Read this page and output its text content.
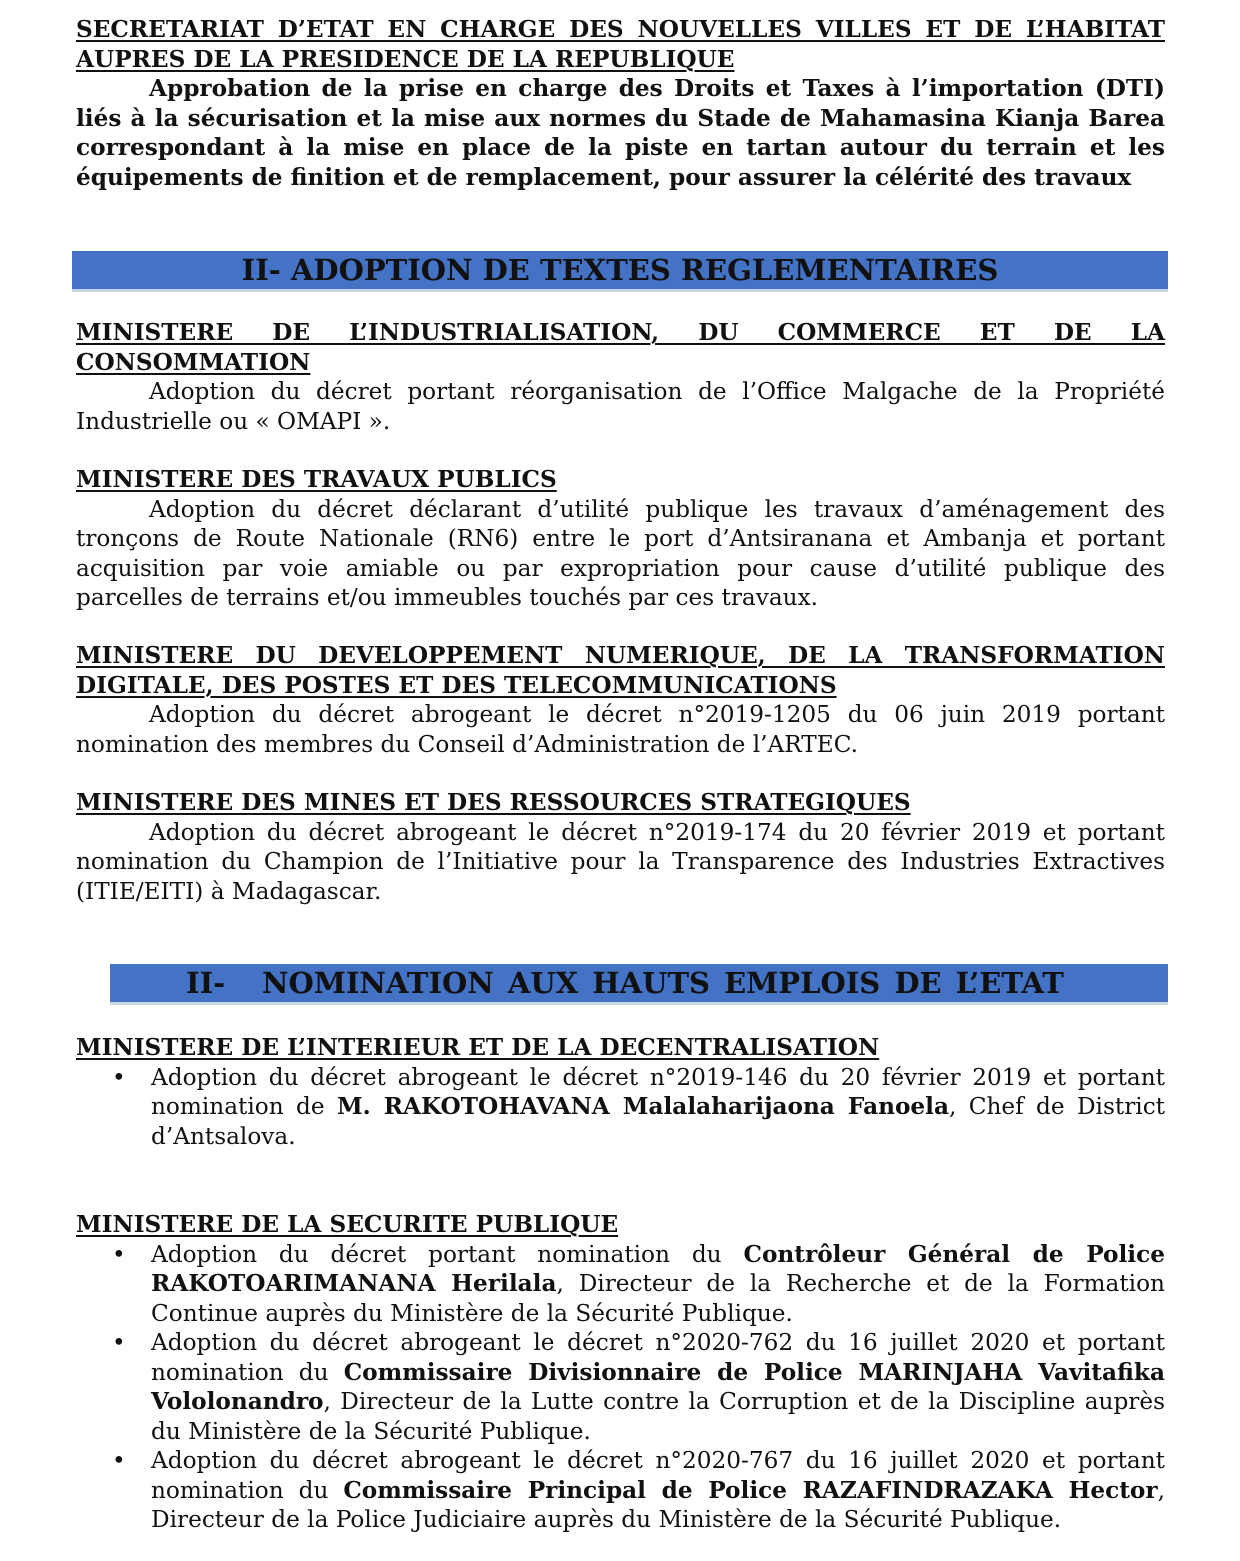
SECRETARIAT D’ETAT EN CHARGE DES NOUVELLES VILLES ET DE L’HABITAT

AUPRES DE LA PRESIDENCE DE LA REPUBLIQUE

Approbation de la prise en charge des Droits et Taxes à l’importation (DTI) liés à la sécurisation et la mise aux normes du Stade de Mahamasina Kianja Barea correspondant à la mise en place de la piste en tartan autour du terrain et les équipements de finition et de remplacement, pour assurer la célérité des travaux

II- ADOPTION DE TEXTES REGLEMENTAIRES

MINISTERE DE L’INDUSTRIALISATION, DU COMMERCE ET DE LA

CONSOMMATION

Adoption du décret portant réorganisation de l’Office Malgache de la Propriété Industrielle ou « OMAPI ».

MINISTERE DES TRAVAUX PUBLICS

Adoption du décret déclarant d’utilité publique les travaux d’aménagement des tronçons de Route Nationale (RN6) entre le port d’Antsiranana et Ambanja et portant acquisition par voie amiable ou par expropriation pour cause d’utilité publique des parcelles de terrains et/ou immeubles touchés par ces travaux.

MINISTERE DU DEVELOPPEMENT NUMERIQUE, DE LA TRANSFORMATION

DIGITALE, DES POSTES ET DES TELECOMMUNICATIONS

Adoption du décret abrogeant le décret n°2019-1205 du 06 juin 2019 portant nomination des membres du Conseil d’Administration de l’ARTEC.

MINISTERE DES MINES ET DES RESSOURCES STRATEGIQUES

Adoption du décret abrogeant le décret n°2019-174 du 20 février 2019 et portant nomination du Champion de l’Initiative pour la Transparence des Industries Extractives (ITIE/EITI) à Madagascar.

II- NOMINATION AUX HAUTS EMPLOIS DE L’ETAT

MINISTERE DE L’INTERIEUR ET DE LA DECENTRALISATION

• Adoption du décret abrogeant le décret n°2019-146 du 20 février 2019 et portant nomination de M. RAKOTOHAVANA Malalaharijaona Fanoela, Chef de District d’Antsalova.

MINISTERE DE LA SECURITE PUBLIQUE

• Adoption du décret portant nomination du Contrôleur Général de Police RAKOTOARIMANANA Herilala, Directeur de la Recherche et de la Formation Continue auprès du Ministère de la Sécurité Publique.
• Adoption du décret abrogeant le décret n°2020-762 du 16 juillet 2020 et portant nomination du Commissaire Divisionnaire de Police MARINJAHA Vavitafika Vololonandro, Directeur de la Lutte contre la Corruption et de la Discipline auprès du Ministère de la Sécurité Publique.
• Adoption du décret abrogeant le décret n°2020-767 du 16 juillet 2020 et portant nomination du Commissaire Principal de Police RAZAFINDRAZAKA Hector, Directeur de la Police Judiciaire auprès du Ministère de la Sécurité Publique.
